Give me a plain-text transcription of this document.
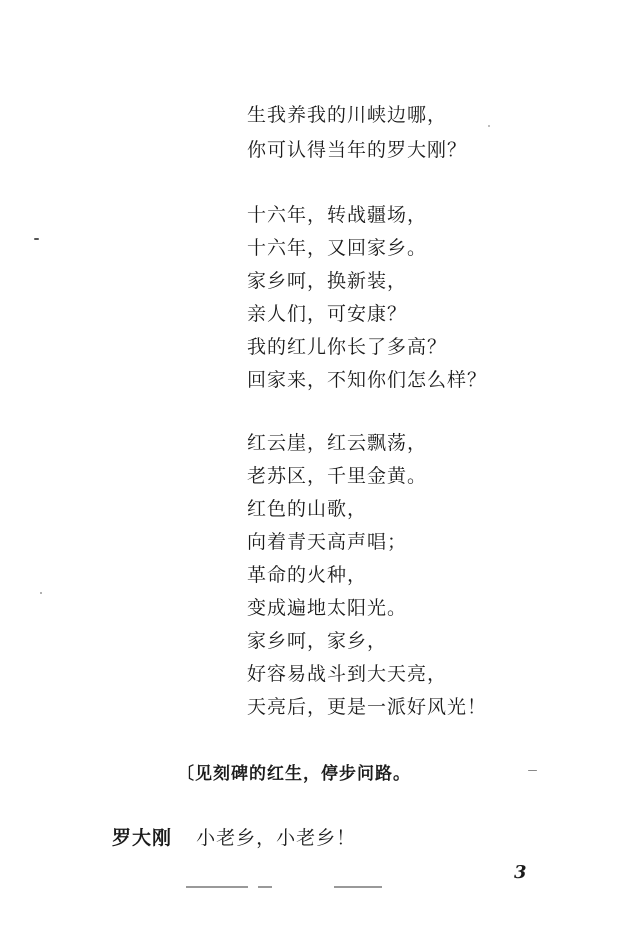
生我养我的川峡边哪，
你可认得当年的罗大刚？
十六年，转战疆场，
十六年，又回家乡。
家乡呵，换新装，
亲人们，可安康？
我的红儿你长了多高？
回家来，不知你们怎么样？
红云崖，红云飘荡，
老苏区，千里金黄。
红色的山歌，
向着青天高声唱；
革命的火种，
变成遍地太阳光。
家乡呵，家乡，
好容易战斗到大天亮，
天亮后，更是一派好风光！
〔见刻碑的红生，停步问路。
罗大刚 小老乡，小老乡！
3
